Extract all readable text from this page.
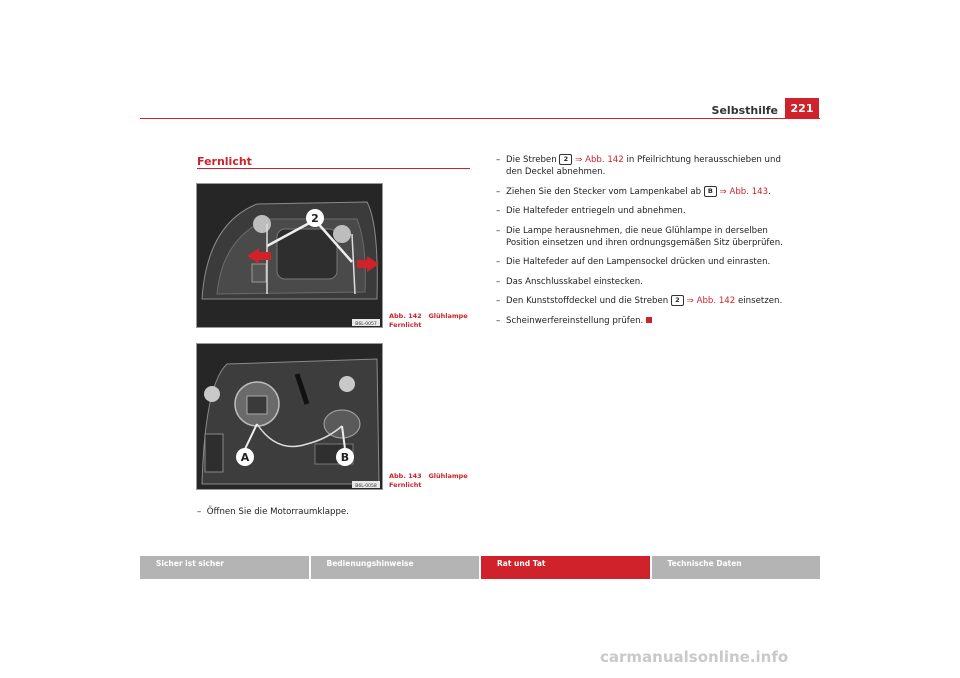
Selbsthilfe	221
Fernlicht
2
B6L-0057
Abb. 142 Glühlampe
Fernlicht
A	B
B6L-0058
Abb. 143 Glühlampe
Fernlicht
– Öffnen Sie die Motorraumklappe.
– Die Streben 2 ⇒ Abb. 142 in Pfeilrichtung herausschieben und den Deckel abnehmen.
– Ziehen Sie den Stecker vom Lampenkabel ab B ⇒ Abb. 143.
– Die Haltefeder entriegeln und abnehmen.
– Die Lampe herausnehmen, die neue Glühlampe in derselben Position einsetzen und ihren ordnungsgemäßen Sitz überprüfen.
– Die Haltefeder auf den Lampensockel drücken und einrasten.
– Das Anschlusskabel einstecken.
– Den Kunststoffdeckel und die Streben 2 ⇒ Abb. 142 einsetzen.
– Scheinwerfereinstellung prüfen.
Sicher ist sicher	Bedienungshinweise	Rat und Tat	Technische Daten
carmanualsonline.info
